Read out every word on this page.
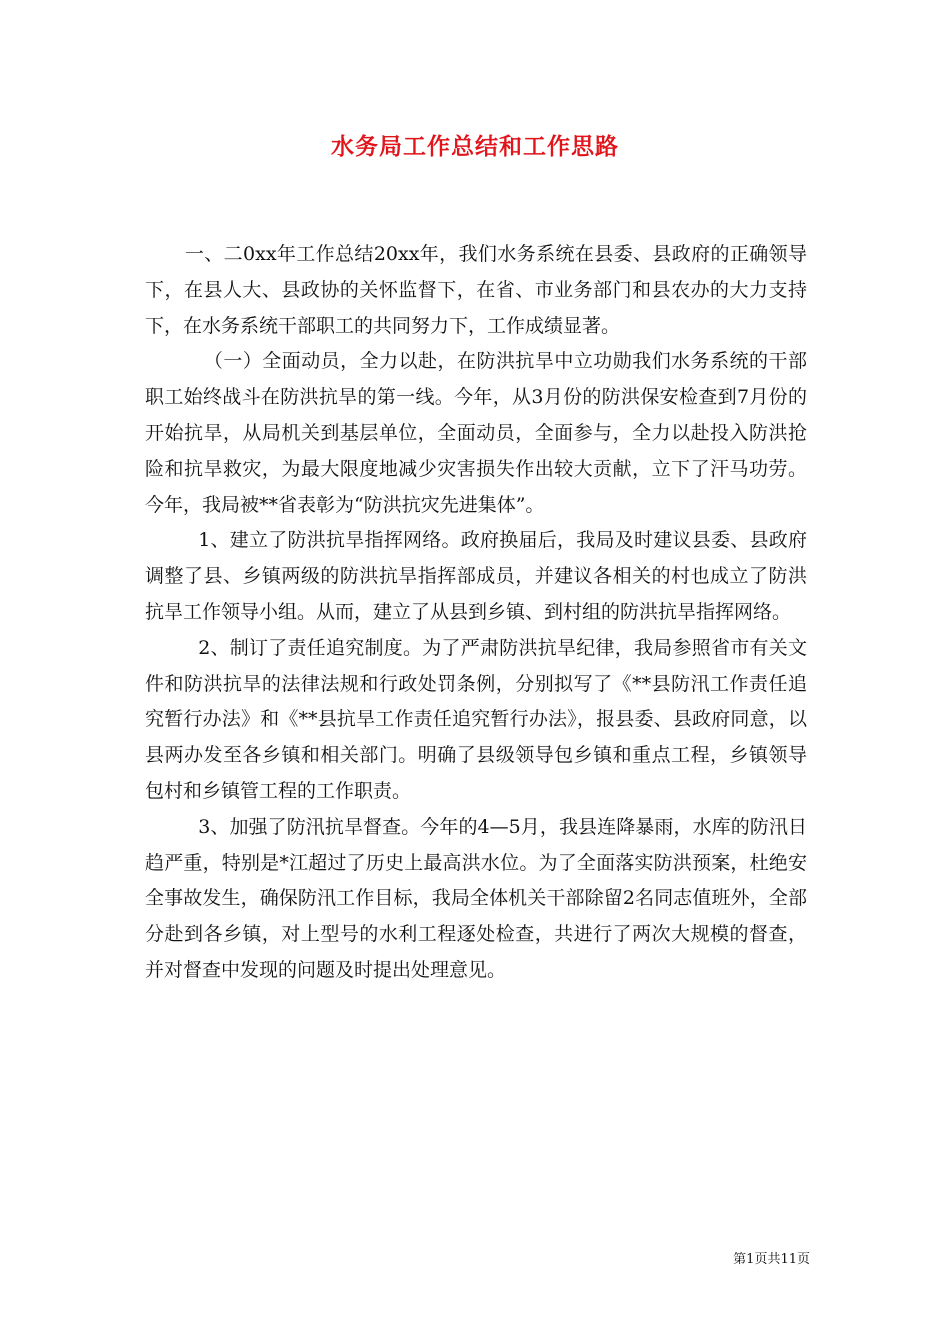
水务局工作总结和工作思路

一、二0xx年工作总结20xx年，我们水务系统在县委、县政府的正确领导下，在县人大、县政协的关怀监督下，在省、市业务部门和县农办的大力支持下，在水务系统干部职工的共同努力下，工作成绩显著。

（一）全面动员，全力以赴，在防洪抗旱中立功勋我们水务系统的干部职工始终战斗在防洪抗旱的第一线。今年，从3月份的防洪保安检查到7月份的开始抗旱，从局机关到基层单位，全面动员，全面参与，全力以赴投入防洪抢险和抗旱救灾，为最大限度地减少灾害损失作出较大贡献，立下了汗马功劳。今年，我局被**省表彰为“防洪抗灾先进集体”。

1、建立了防洪抗旱指挥网络。政府换届后，我局及时建议县委、县政府调整了县、乡镇两级的防洪抗旱指挥部成员，并建议各相关的村也成立了防洪抗旱工作领导小组。从而，建立了从县到乡镇、到村组的防洪抗旱指挥网络。

2、制订了责任追究制度。为了严肃防洪抗旱纪律，我局参照省市有关文件和防洪抗旱的法律法规和行政处罚条例，分别拟写了《**县防汛工作责任追究暂行办法》和《**县抗旱工作责任追究暂行办法》，报县委、县政府同意，以县两办发至各乡镇和相关部门。明确了县级领导包乡镇和重点工程，乡镇领导包村和乡镇管工程的工作职责。

3、加强了防汛抗旱督查。今年的4—5月，我县连降暴雨，水库的防汛日趋严重，特别是*江超过了历史上最高洪水位。为了全面落实防洪预案，杜绝安全事故发生，确保防汛工作目标，我局全体机关干部除留2名同志值班外，全部分赴到各乡镇，对上型号的水利工程逐处检查，共进行了两次大规模的督查，并对督查中发现的问题及时提出处理意见。

第1页共11页
